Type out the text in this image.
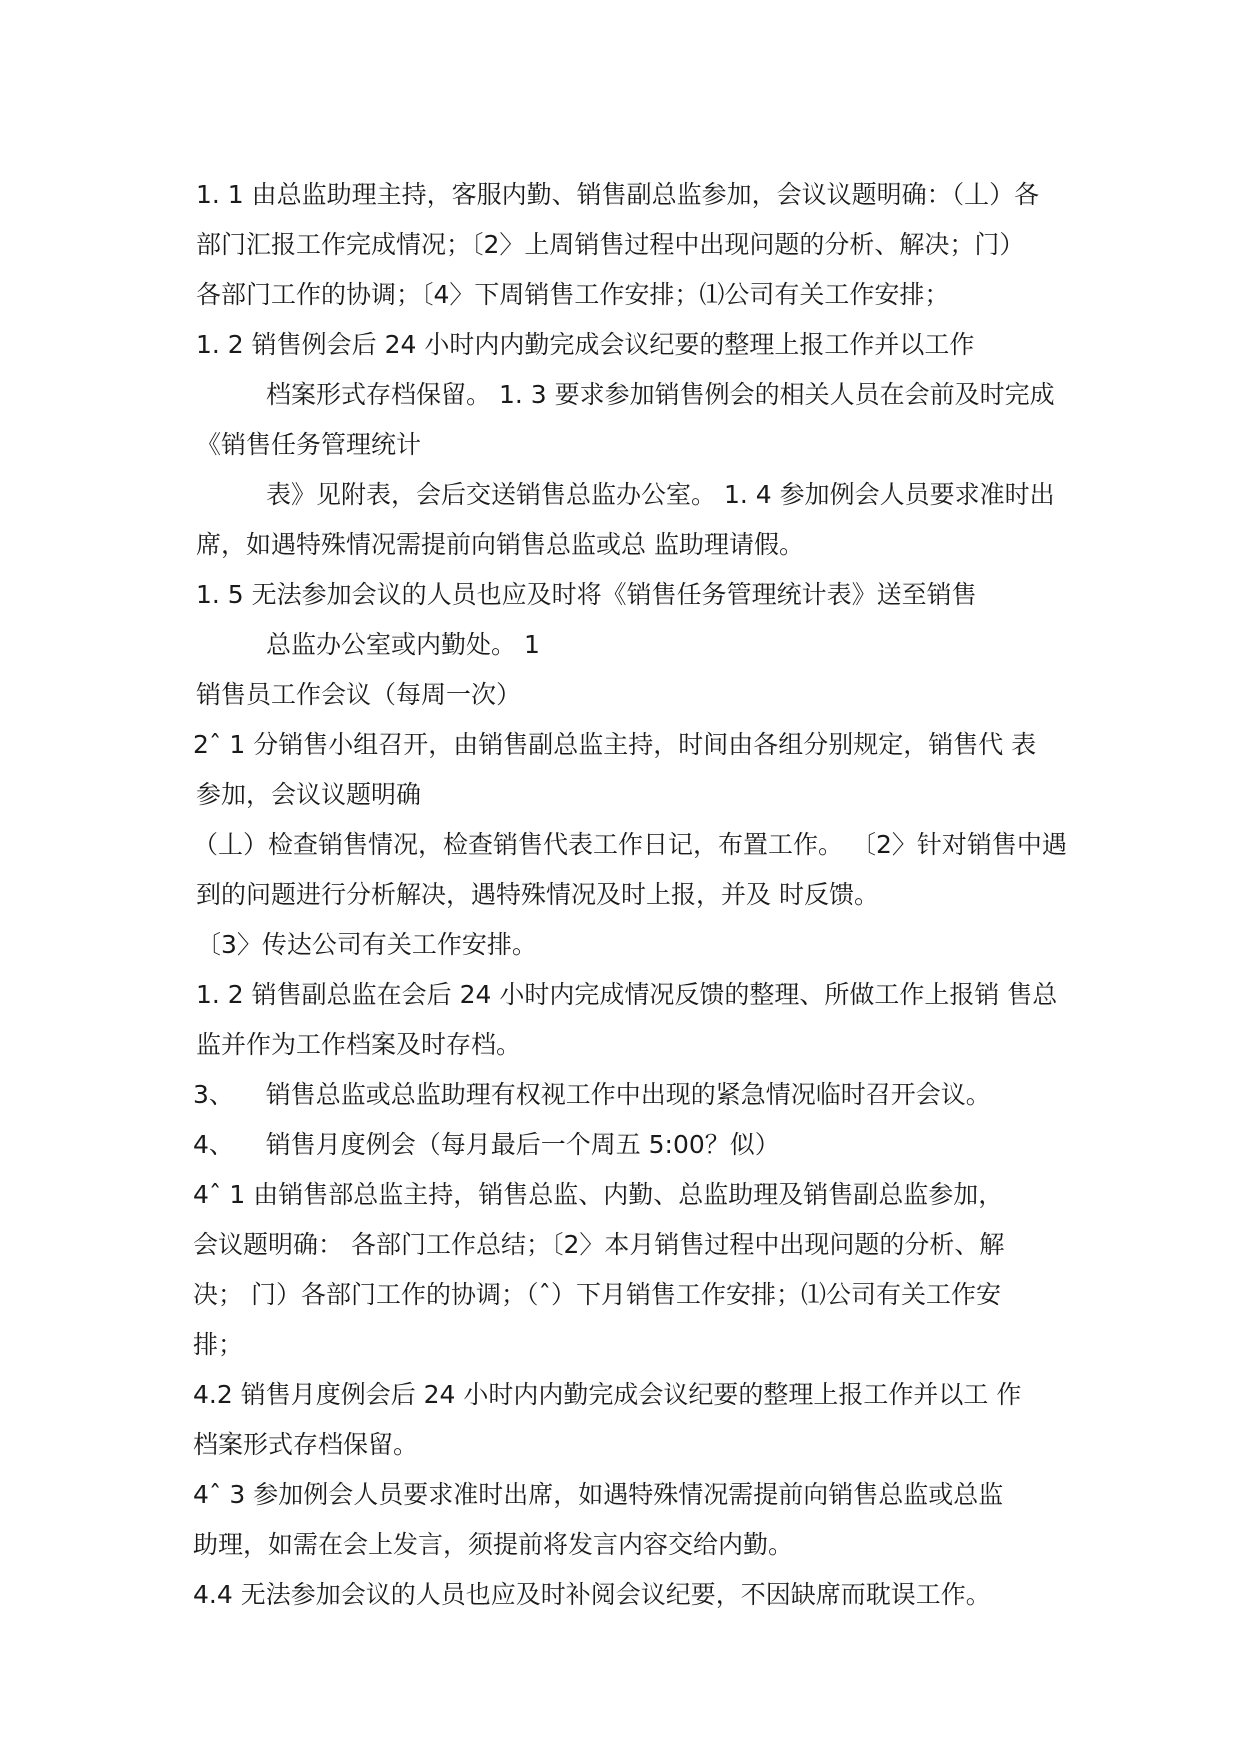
1. 1 由总监助理主持，客服内勤、销售副总监参加，会议议题明确：（丄）各
部门汇报工作完成情况；〔2〉上周销售过程中出现问题的分析、解决；门）
各部门工作的协调；〔4〉下周销售工作安排；⑴公司有关工作安排；
1. 2 销售例会后 24 小时内内勤完成会议纪要的整理上报工作并以工作
档案形式存档保留。 1. 3 要求参加销售例会的相关人员在会前及时完成
《销售任务管理统计
表》见附表，会后交送销售总监办公室。 1. 4 参加例会人员要求准时出
席，如遇特殊情况需提前向销售总监或总 监助理请假。
1. 5 无法参加会议的人员也应及时将《销售任务管理统计表》送至销售
总监办公室或内勤处。 1
销售员工作会议（每周一次）
2ˆ 1 分销售小组召开，由销售副总监主持，时间由各组分别规定，销售代 表
参加，会议议题明确
（丄）检查销售情况，检查销售代表工作日记，布置工作。 〔2〉针对销售中遇
到的问题进行分析解决，遇特殊情况及时上报，并及 时反馈。
〔3〉传达公司有关工作安排。
1. 2 销售副总监在会后 24 小时内完成情况反馈的整理、所做工作上报销 售总
监并作为工作档案及时存档。
3、    销售总监或总监助理有权视工作中出现的紧急情况临时召开会议。
4、    销售月度例会（每月最后一个周五 5:00？似）
4ˆ 1 由销售部总监主持，销售总监、内勤、总监助理及销售副总监参加，
会议题明确： 各部门工作总结；〔2〉本月销售过程中出现问题的分析、解
决； 门）各部门工作的协调；（ˆ）下月销售工作安排；⑴公司有关工作安
排；
4.2 销售月度例会后 24 小时内内勤完成会议纪要的整理上报工作并以工 作
档案形式存档保留。
4ˆ 3 参加例会人员要求准时出席，如遇特殊情况需提前向销售总监或总监
助理，如需在会上发言，须提前将发言内容交给内勤。
4.4 无法参加会议的人员也应及时补阅会议纪要，不因缺席而耽误工作。
